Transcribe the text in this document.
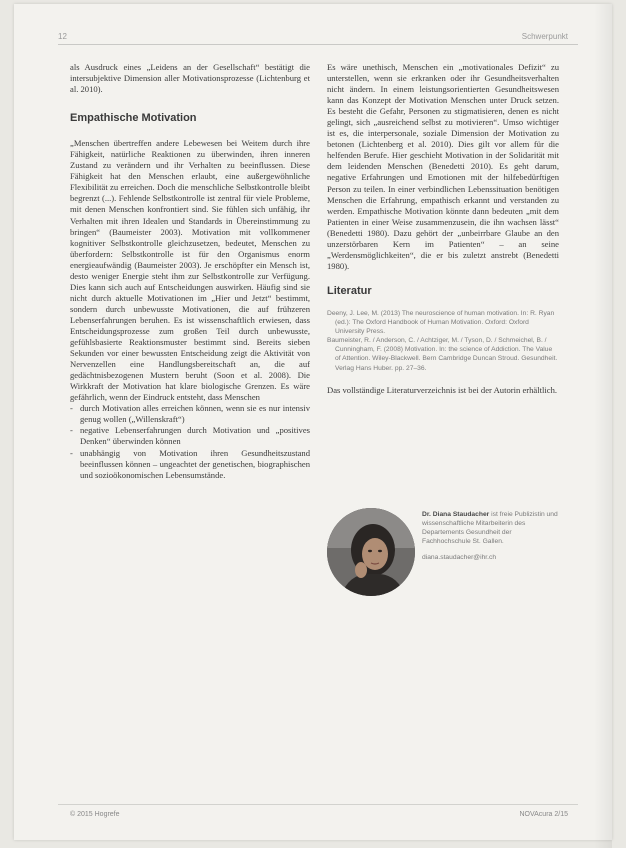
12	Schwerpunkt

als Ausdruck eines „Leidens an der Gesellschaft“ bestätigt die intersubjektive Dimension aller Motivationsprozesse (Lichtenburg et al. 2010).

Empathische Motivation

„Menschen übertreffen andere Lebewesen bei Weitem durch ihre Fähigkeit, natürliche Reaktionen zu überwinden, ihren inneren Zustand zu verändern und ihr Verhalten zu beeinflussen. Diese Fähigkeit hat den Menschen erlaubt, eine außergewöhnliche Flexibilität zu erreichen. Doch die menschliche Selbstkontrolle bleibt begrenzt (...). Fehlende Selbstkontrolle ist zentral für viele Probleme, mit denen Menschen konfrontiert sind. Sie fühlen sich unfähig, ihr Verhalten mit ihren Idealen und Standards in Übereinstimmung zu bringen“ (Baumeister 2003). Motivation mit vollkommener kognitiver Selbstkontrolle gleichzusetzen, bedeutet, Menschen zu überfordern: Selbstkontrolle ist für den Organismus enorm energieaufwändig (Baumeister 2003). Je erschöpfter ein Mensch ist, desto weniger Energie steht ihm zur Selbstkontrolle zur Verfügung. Dies kann sich auch auf Entscheidungen auswirken. Häufig sind sie nicht durch aktuelle Motivationen im „Hier und Jetzt“ bestimmt, sondern durch unbewusste Motivationen, die auf frühzeren Lebenserfahrungen beruhen. Es ist wissenschaftlich erwiesen, dass Entscheidungsprozesse zum großen Teil durch unbewusste, gefühlsbasierte Reaktionsmuster bestimmt sind. Bereits sieben Sekunden vor einer bewussten Entscheidung zeigt die Aktivität von Nervenzellen eine Handlungsbereitschaft an, die auf gedächtnisbezogenen Mustern beruht (Soon et al. 2008). Die Wirkkraft der Motivation hat klare biologische Grenzen. Es wäre gefährlich, wenn der Eindruck entsteht, dass Menschen

- durch Motivation alles erreichen können, wenn sie es nur intensiv genug wollen („Willenskraft“)
- negative Lebenserfahrungen durch Motivation und „positives Denken“ überwinden können
- unabhängig von Motivation ihren Gesundheitszustand beeinflussen können – ungeachtet der genetischen, biographischen und sozioökonomischen Lebensumstände.

Es wäre unethisch, Menschen ein „motivationales Defizit“ zu unterstellen, wenn sie erkranken oder ihr Gesundheitsverhalten nicht ändern. In einem leistungsorientierten Gesundheitswesen kann das Konzept der Motivation Menschen unter Druck setzen. Es besteht die Gefahr, Personen zu stigmatisieren, denen es nicht gelingt, sich „ausreichend selbst zu motivieren“. Umso wichtiger ist es, die interpersonale, soziale Dimension der Motivation zu betonen (Lichtenberg et al. 2010). Dies gilt vor allem für die helfenden Berufe. Hier geschieht Motivation in der Solidarität mit dem leidenden Menschen (Benedetti 2010). Es geht darum, negative Erfahrungen und Emotionen mit der hilfebedürftigen Person zu teilen. In einer verbindlichen Lebenssituation benötigen Menschen die Erfahrung, empathisch erkannt und verstanden zu werden. Empathische Motivation könnte dann bedeuten „mit dem Patienten in einer Weise zusammenzusein, die ihn wachsen lässt“ (Benedetti 1980). Dazu gehört der „unbeirrbare Glaube an den unzerstörbaren Kern im Patienten“ – an seine „Werdensmöglichkeiten“, die er bis zuletzt anstrebt (Benedetti 1980).

Literatur

Deeny, J. Lee, M. (2013) The neuroscience of human motivation. In: R. Ryan (ed.): The Oxford Handbook of Human Motivation. Oxford: Oxford University Press.

Baumeister, R. / Anderson, C. / Achtziger, M. / Tyson, D. / Schmeichel, B. / Cunningham, F. (2008) Motivation. In: the science of Addiction. The Value of Attention. Wiley-Blackwell. Bern Cambridge Duncan Stroud. Gesundheit. Verlag Hans Huber. pp. 27–36.

Das vollständige Literaturverzeichnis ist bei der Autorin erhältlich.

Dr. Diana Staudacher ist freie Publizistin und wissenschaftliche Mitarbeiterin des Departements Gesundheit der Fachhochschule St. Gallen.
diana.staudacher@ihr.ch
© 2015 Hogrefe	NOVAcura 2/15
